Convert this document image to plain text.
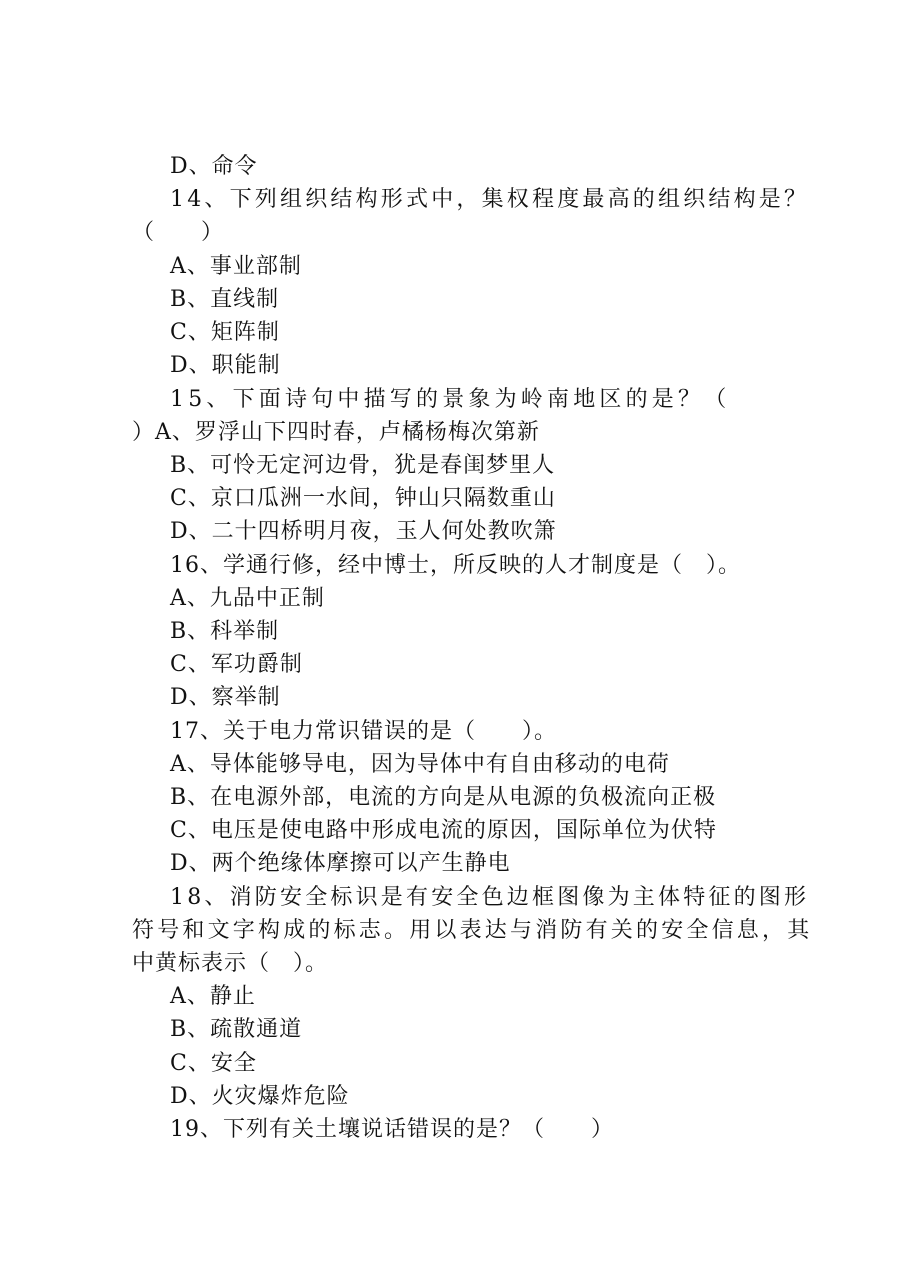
D、命令
14、下列组织结构形式中，集权程度最高的组织结构是？
（　　）
A、事业部制
B、直线制
C、矩阵制
D、职能制
15、下面诗句中描写的景象为岭南地区的是？（
）A、罗浮山下四时春，卢橘杨梅次第新
B、可怜无定河边骨，犹是春闺梦里人
C、京口瓜洲一水间，钟山只隔数重山
D、二十四桥明月夜，玉人何处教吹箫
16、学通行修，经中博士，所反映的人才制度是（　）。
A、九品中正制
B、科举制
C、军功爵制
D、察举制
17、关于电力常识错误的是（　　）。
A、导体能够导电，因为导体中有自由移动的电荷
B、在电源外部，电流的方向是从电源的负极流向正极
C、电压是使电路中形成电流的原因，国际单位为伏特
D、两个绝缘体摩擦可以产生静电
18、消防安全标识是有安全色边框图像为主体特征的图形
符号和文字构成的标志。用以表达与消防有关的安全信息，其
中黄标表示（　）。
A、静止
B、疏散通道
C、安全
D、火灾爆炸危险
19、下列有关土壤说话错误的是？（　　）
